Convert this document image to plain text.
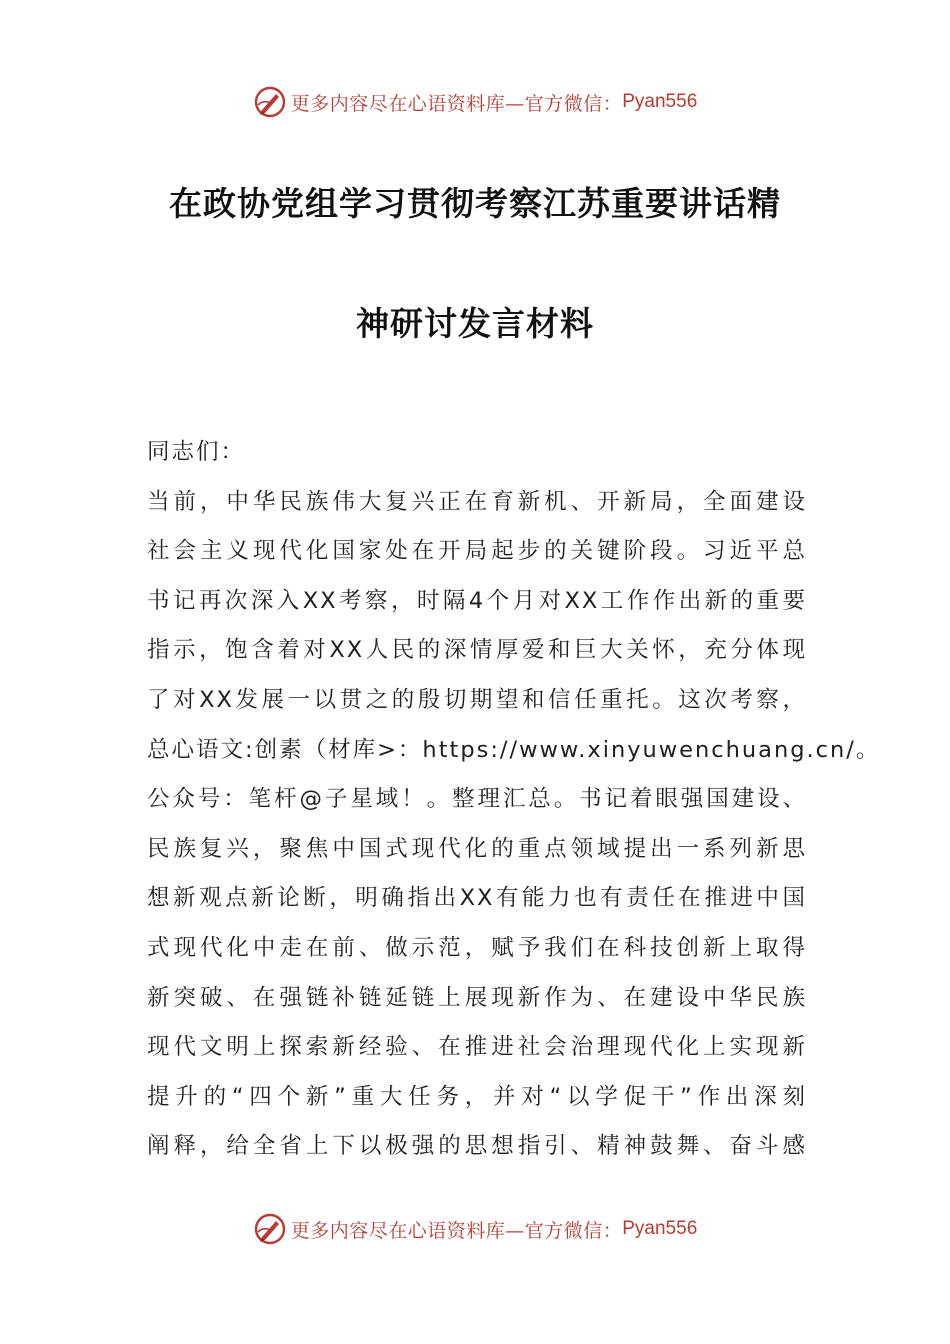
更多内容尽在心语资料库—官方微信： Pyan556
在政协党组学习贯彻考察江苏重要讲话精
神研讨发言材料
同志们：
当前，中华民族伟大复兴正在育新机、开新局，全面建设
社会主义现代化国家处在开局起步的关键阶段。习近平总
书记再次深入XX考察，时隔4个月对XX工作作出新的重要
指示，饱含着对XX人民的深情厚爱和巨大关怀，充分体现
了对XX发展一以贯之的殷切期望和信任重托。这次考察，
总心语文:创素（材库>：https://www.xinyuwenchuang.cn/。
公众号：笔杆@子星域！。整理汇总。书记着眼强国建设、
民族复兴，聚焦中国式现代化的重点领域提出一系列新思
想新观点新论断，明确指出XX有能力也有责任在推进中国
式现代化中走在前、做示范，赋予我们在科技创新上取得
新突破、在强链补链延链上展现新作为、在建设中华民族
现代文明上探索新经验、在推进社会治理现代化上实现新
提升的“四个新”重大任务，并对“以学促干”作出深刻
阐释，给全省上下以极强的思想指引、精神鼓舞、奋斗感
更多内容尽在心语资料库—官方微信： Pyan556
